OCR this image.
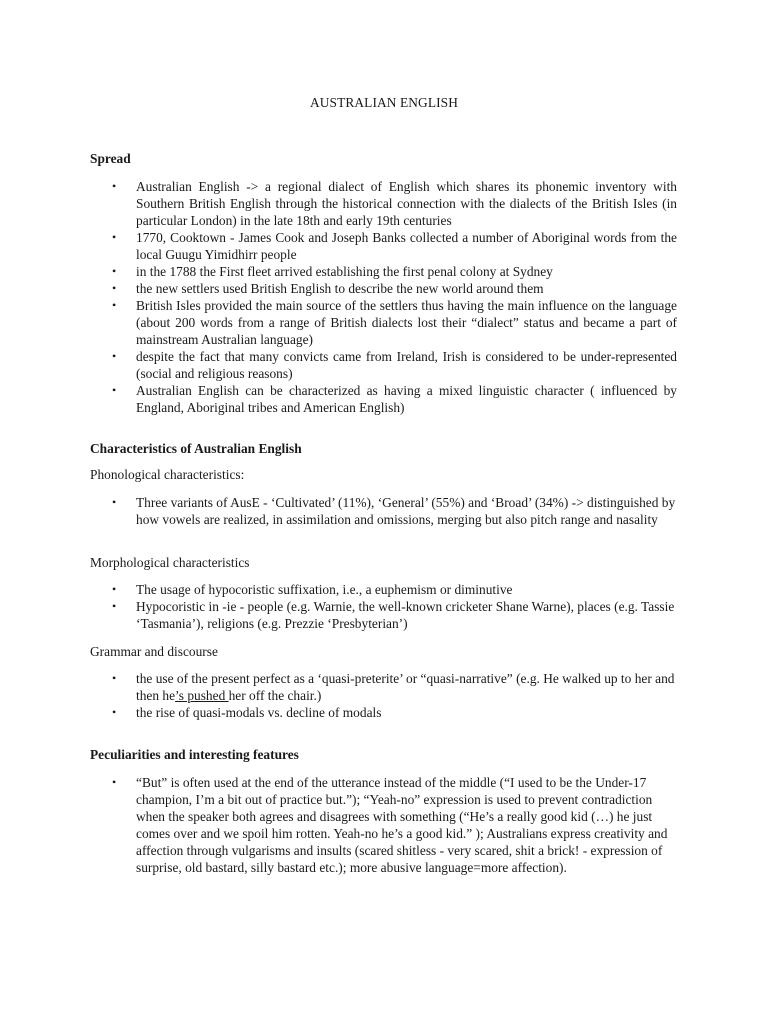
AUSTRALIAN ENGLISH
Spread
• Australian English -> a regional dialect of English which shares its phonemic inventory with Southern British English through the historical connection with the dialects of the British Isles (in particular London) in the late 18th and early 19th centuries
• 1770, Cooktown - James Cook and Joseph Banks collected a number of Aboriginal words from the local Guugu Yimidhirr people
• in the 1788 the First fleet arrived establishing the first penal colony at Sydney
• the new settlers used British English to describe the new world around them
• British Isles provided the main source of the settlers thus having the main influence on the language (about 200 words from a range of British dialects lost their “dialect” status and became a part of mainstream Australian language)
• despite the fact that many convicts came from Ireland, Irish is considered to be under-represented (social and religious reasons)
• Australian English can be characterized as having a mixed linguistic character ( influenced by England, Aboriginal tribes and American English)
Characteristics of Australian English
Phonological characteristics:
• Three variants of AusE - ‘Cultivated’ (11%), ‘General’ (55%) and ‘Broad’ (34%) -> distinguished by how vowels are realized, in assimilation and omissions, merging but also pitch range and nasality
Morphological characteristics
• The usage of hypocoristic suffixation, i.e., a euphemism or diminutive
• Hypocoristic in -ie - people (e.g. Warnie, the well-known cricketer Shane Warne), places (e.g. Tassie ‘Tasmania’), religions (e.g. Prezzie ‘Presbyterian’)
Grammar and discourse
• the use of the present perfect as a ‘quasi-preterite’ or “quasi-narrative” (e.g. He walked up to her and then he’s pushed her off the chair.)
• the rise of quasi-modals vs. decline of modals
Peculiarities and interesting features
• “But” is often used at the end of the utterance instead of the middle (“I used to be the Under-17 champion, I’m a bit out of practice but.”); “Yeah-no” expression is used to prevent contradiction when the speaker both agrees and disagrees with something (“He’s a really good kid (…) he just comes over and we spoil him rotten. Yeah-no he’s a good kid.” ); Australians express creativity and affection through vulgarisms and insults (scared shitless - very scared, shit a brick! - expression of surprise, old bastard, silly bastard etc.); more abusive language=more affection).
